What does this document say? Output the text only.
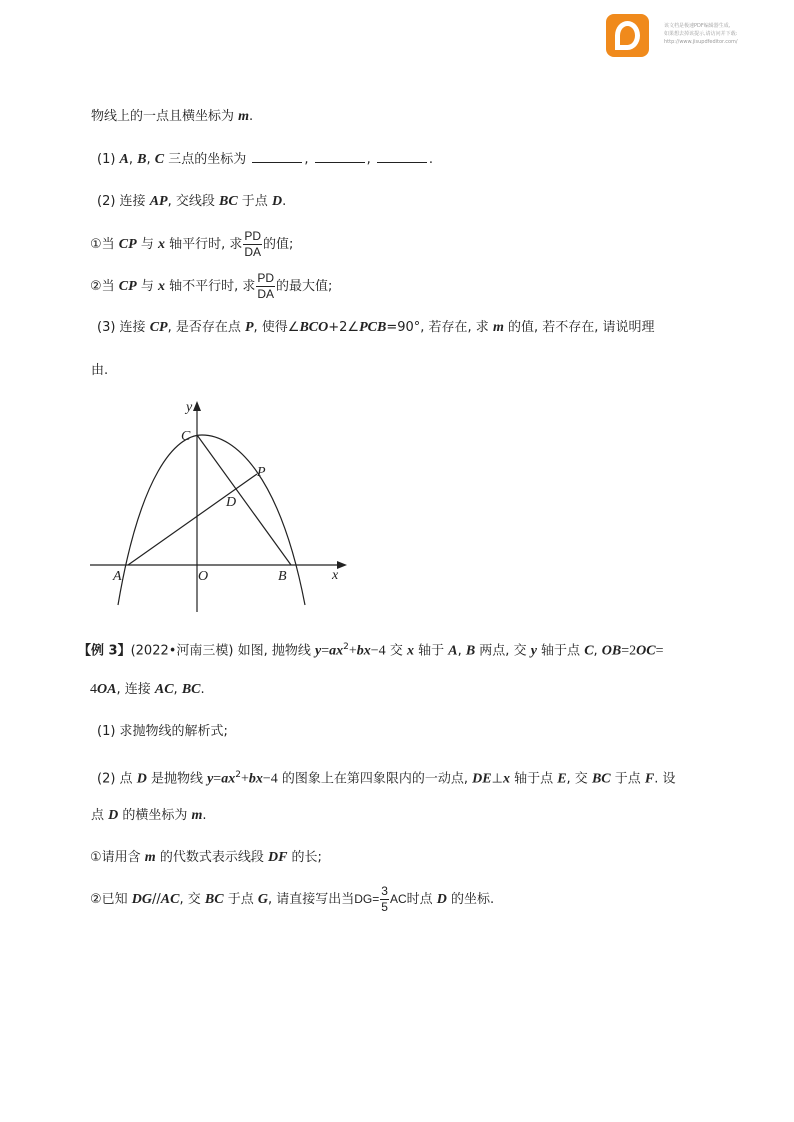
该文档是极速PDF编辑器生成,
如果想去掉该提示,请访问并下载:
http://www.jisupdfeditor.com/
物线上的一点且横坐标为 m.
(1) A, B, C 三点的坐标为	,	,	.
(2) 连接 AP, 交线段 BC 于点 D.
①当 CP 与 x 轴平行时, 求 $\frac{PD}{DA}$ 的值;
②当 CP 与 x 轴不平行时, 求 $\frac{PD}{DA}$ 的最大值;
(3) 连接 CP, 是否存在点 P, 使得∠BCO+2∠PCB=90°, 若存在, 求 m 的值, 若不存在, 请说明理
由.
y
x
C
P
D
A	O	B
【例 3】(2022•河南三模) 如图, 抛物线 $y=ax^2+bx-4$ 交 x 轴于 A, B 两点, 交 y 轴于点 C, OB=2OC=
4OA, 连接 AC, BC.
(1) 求抛物线的解析式;
(2) 点 D 是抛物线 $y=ax^2+bx-4$ 的图象上在第四象限内的一动点, DE⊥x 轴于点 E, 交 BC 于点 F. 设
点 D 的横坐标为 m.
①请用含 m 的代数式表示线段 DF 的长;
②已知 DG//AC, 交 BC 于点 G, 请直接写出当$DG= \frac{3}{5}$ AC时点 D 的坐标.
